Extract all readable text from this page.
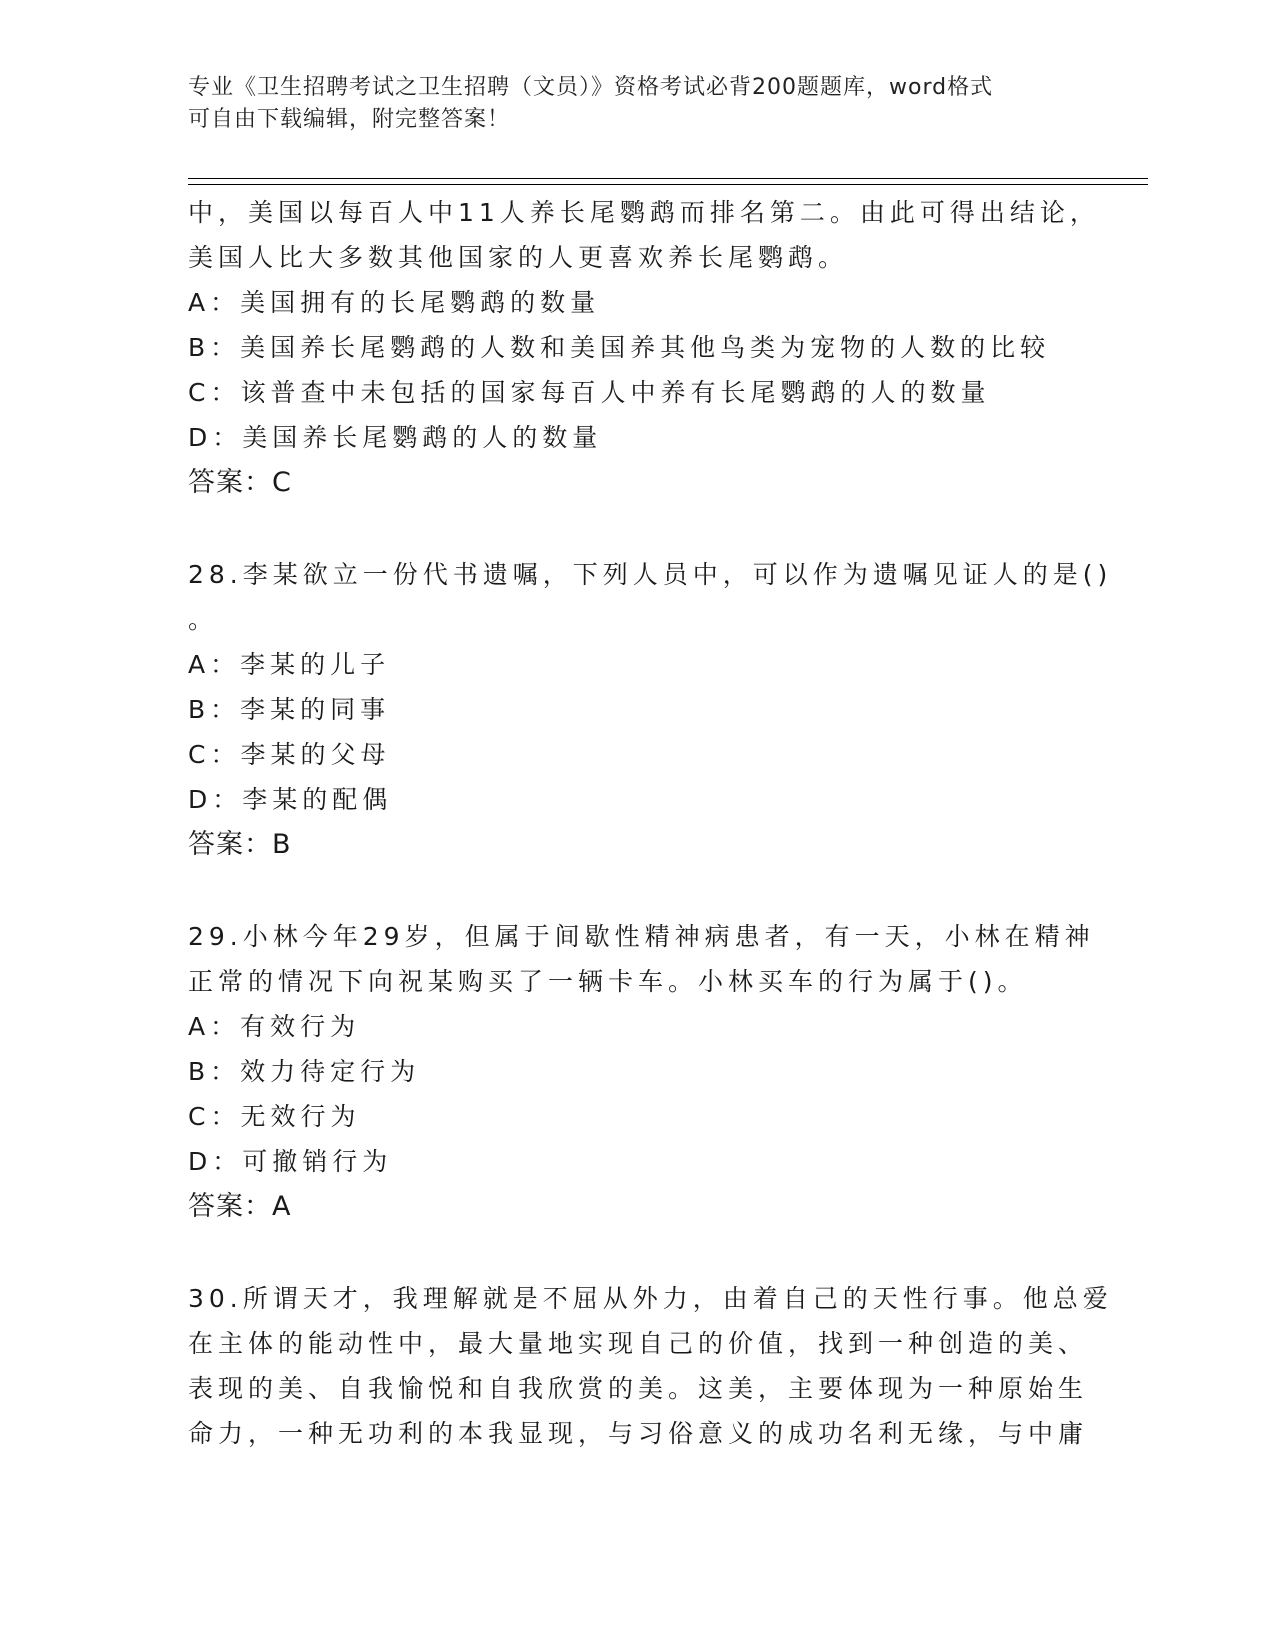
专业《卫生招聘考试之卫生招聘（文员）》资格考试必背200题题库，word格式
可自由下载编辑，附完整答案！
中，美国以每百人中11人养长尾鹦鹉而排名第二。由此可得出结论，
美国人比大多数其他国家的人更喜欢养长尾鹦鹉。
A：美国拥有的长尾鹦鹉的数量
B：美国养长尾鹦鹉的人数和美国养其他鸟类为宠物的人数的比较
C：该普查中未包括的国家每百人中养有长尾鹦鹉的人的数量
D：美国养长尾鹦鹉的人的数量
答案：C
28.李某欲立一份代书遗嘱，下列人员中，可以作为遗嘱见证人的是()
。
A：李某的儿子
B：李某的同事
C：李某的父母
D：李某的配偶
答案：B
29.小林今年29岁，但属于间歇性精神病患者，有一天，小林在精神
正常的情况下向祝某购买了一辆卡车。小林买车的行为属于()。
A：有效行为
B：效力待定行为
C：无效行为
D：可撤销行为
答案：A
30.所谓天才，我理解就是不屈从外力，由着自己的天性行事。他总爱
在主体的能动性中，最大量地实现自己的价值，找到一种创造的美、
表现的美、自我愉悦和自我欣赏的美。这美，主要体现为一种原始生
命力，一种无功利的本我显现，与习俗意义的成功名利无缘，与中庸
